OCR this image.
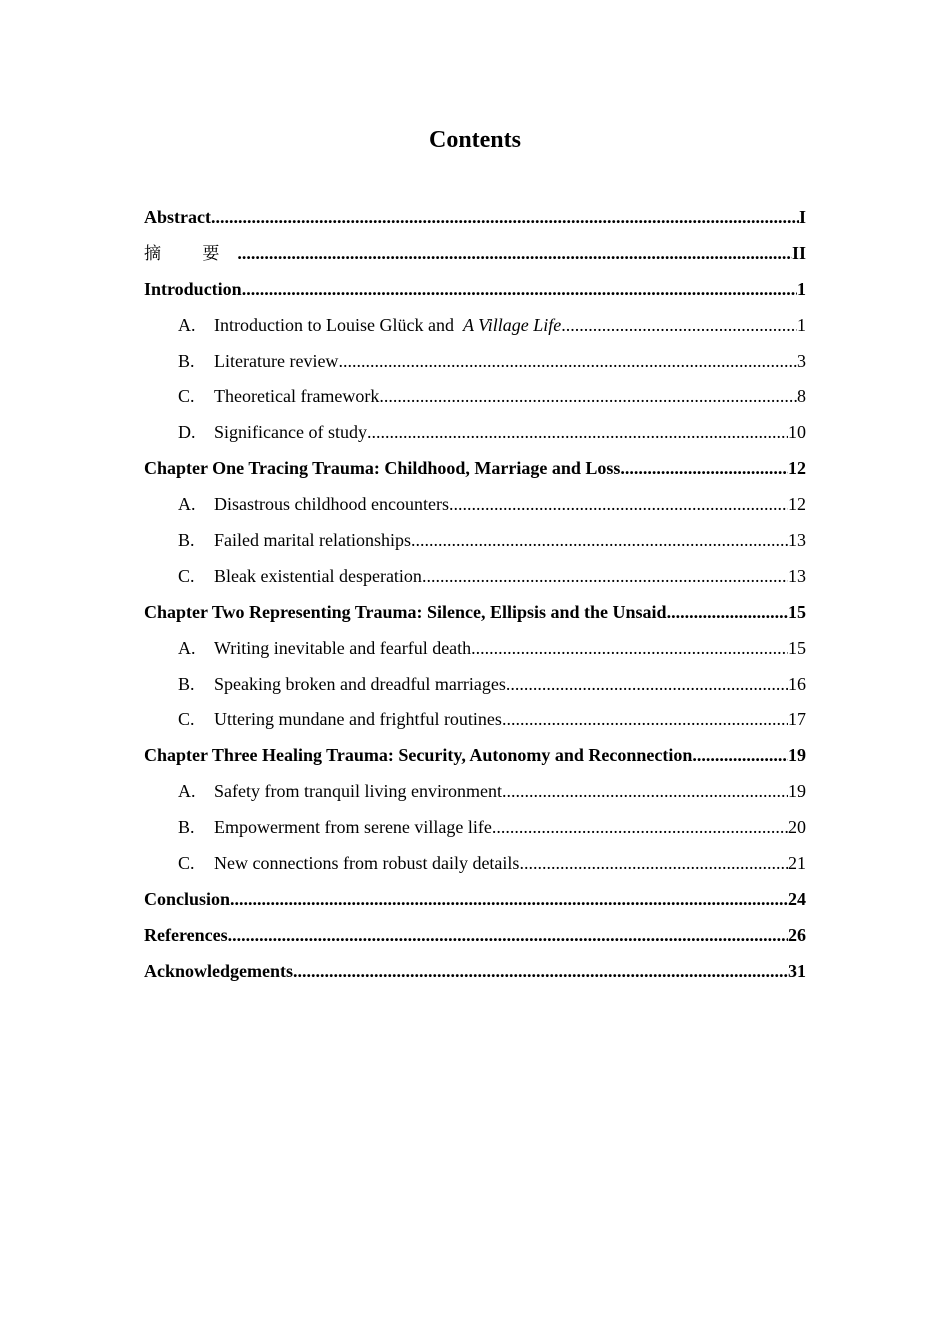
Contents
Abstract .....	I
摘 要 .....	II
Introduction .....	1
A.	Introduction to Louise Glück and A Village Life .....	1
B.	Literature review .....	3
C.	Theoretical framework .....	8
D.	Significance of study .....	10
Chapter One Tracing Trauma: Childhood, Marriage and Loss .....	12
A.	Disastrous childhood encounters .....	12
B.	Failed marital relationships .....	13
C.	Bleak existential desperation .....	13
Chapter Two Representing Trauma: Silence, Ellipsis and the Unsaid .....	15
A.	Writing inevitable and fearful death .....	15
B.	Speaking broken and dreadful marriages .....	16
C.	Uttering mundane and frightful routines .....	17
Chapter Three Healing Trauma: Security, Autonomy and Reconnection .....	19
A.	Safety from tranquil living environment .....	19
B.	Empowerment from serene village life .....	20
C.	New connections from robust daily details .....	21
Conclusion .....	24
References .....	26
Acknowledgements .....	31
